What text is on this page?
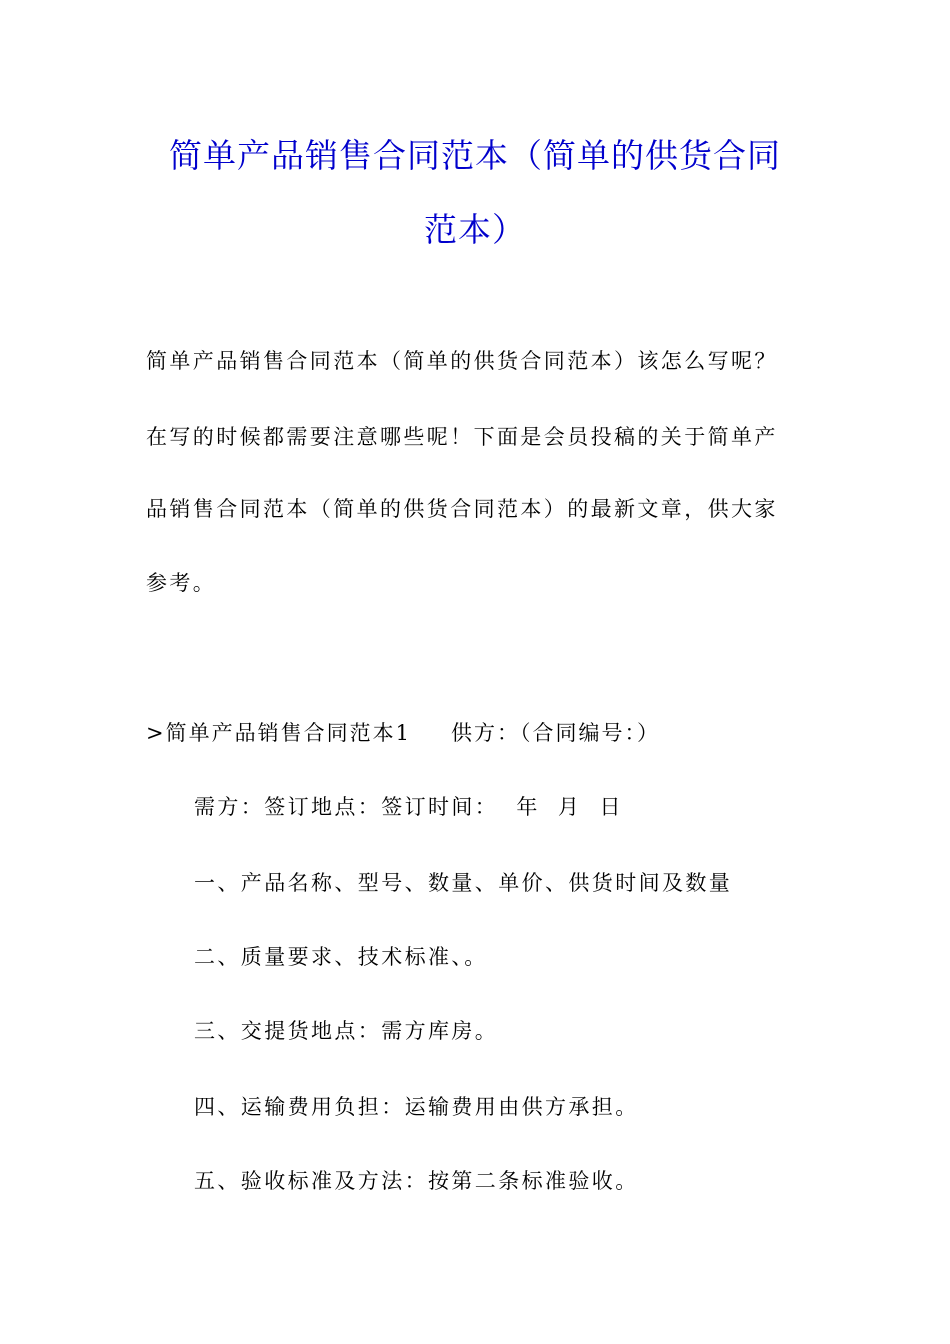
简单产品销售合同范本（简单的供货合同
范本）

简单产品销售合同范本（简单的供货合同范本）该怎么写呢？

在写的时候都需要注意哪些呢！下面是会员投稿的关于简单产

品销售合同范本（简单的供货合同范本）的最新文章，供大家

参考。

>简单产品销售合同范本1 供方：（合同编号：）

需方：签订地点：签订时间：  年  月  日

一、产品名称、型号、数量、单价、供货时间及数量

二、质量要求、技术标准、。

三、交提货地点：需方库房。

四、运输费用负担：运输费用由供方承担。

五、验收标准及方法：按第二条标准验收。
